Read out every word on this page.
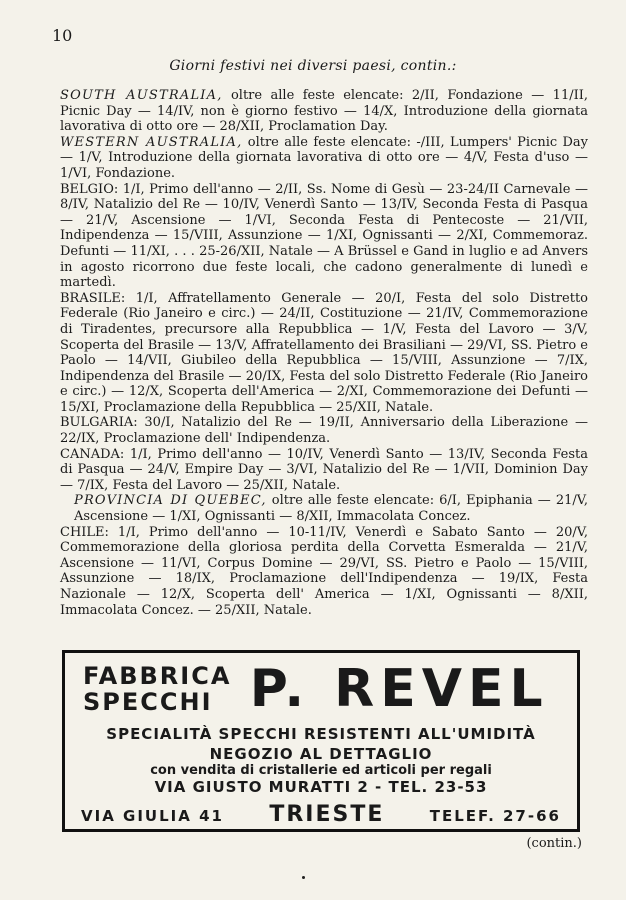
10
Giorni festivi nei diversi paesi, contin.:

SOUTH AUSTRALIA, oltre alle feste elencate: 2/II, Fondazione — 11/II, Picnic Day — 14/IV, non è giorno festivo — 14/X, Introduzione della giornata lavorativa di otto ore — 28/XII, Proclamation Day.

WESTERN AUSTRALIA, oltre alle feste elencate: -/III, Lumpers' Picnic Day — 1/V, Introduzione della giornata lavorativa di otto ore — 4/V, Festa d'uso — 1/VI, Fondazione.

BELGIO: 1/I, Primo dell'anno — 2/II, Ss. Nome di Gesù — 23-24/II Carnevale — 8/IV, Natalizio del Re — 10/IV, Venerdì Santo — 13/IV, Seconda Festa di Pasqua — 21/V, Ascensione — 1/VI, Seconda Festa di Pentecoste — 21/VII, Indipendenza — 15/VIII, Assunzione — 1/XI, Ognissanti — 2/XI, Commemoraz. Defunti — 11/XI, . . . 25-26/XII, Natale — A Brüssel e Gand in luglio e ad Anvers in agosto ricorrono due feste locali, che cadono generalmente di lunedì e martedì.

BRASILE: 1/I, Affratellamento Generale — 20/I, Festa del solo Distretto Federale (Rio Janeiro e circ.) — 24/II, Costituzione — 21/IV, Commemorazione di Tiradentes, precursore alla Repubblica — 1/V, Festa del Lavoro — 3/V, Scoperta del Brasile — 13/V, Affratellamento dei Brasiliani — 29/VI, SS. Pietro e Paolo — 14/VII, Giubileo della Repubblica — 15/VIII, Assunzione — 7/IX, Indipendenza del Brasile — 20/IX, Festa del solo Distretto Federale (Rio Janeiro e circ.) — 12/X, Scoperta dell'America — 2/XI, Commemorazione dei Defunti — 15/XI, Proclamazione della Repubblica — 25/XII, Natale.

BULGARIA: 30/I, Natalizio del Re — 19/II, Anniversario della Liberazione — 22/IX, Proclamazione dell' Indipendenza.

CANADA: 1/I, Primo dell'anno — 10/IV, Venerdì Santo — 13/IV, Seconda Festa di Pasqua — 24/V, Empire Day — 3/VI, Natalizio del Re — 1/VII, Dominion Day — 7/IX, Festa del Lavoro — 25/XII, Natale.

PROVINCIA DI QUEBEC, oltre alle feste elencate: 6/I, Epiphania — 21/V, Ascensione — 1/XI, Ognissanti — 8/XII, Immacolata Concez.

CHILE: 1/I, Primo dell'anno — 10-11/IV, Venerdì e Sabato Santo — 20/V, Commemorazione della gloriosa perdita della Corvetta Esmeralda — 21/V, Ascensione — 11/VI, Corpus Domine — 29/VI, SS. Pietro e Paolo — 15/VIII, Assunzione — 18/IX, Proclamazione dell'Indipendenza — 19/IX, Festa Nazionale — 12/X, Scoperta dell' America — 1/XI, Ognissanti — 8/XII, Immacolata Concez. — 25/XII, Natale.

FABBRICA
SPECCHI P. REVEL
SPECIALITÀ SPECCHI RESISTENTI ALL'UMIDITÀ
NEGOZIO AL DETTAGLIO
con vendita di cristallerie ed articoli per regali
VIA GIUSTO MURATTI 2 - TEL. 23-53
VIA GIULIA 41 TRIESTE	TELEF. 27-66
(contin.)
